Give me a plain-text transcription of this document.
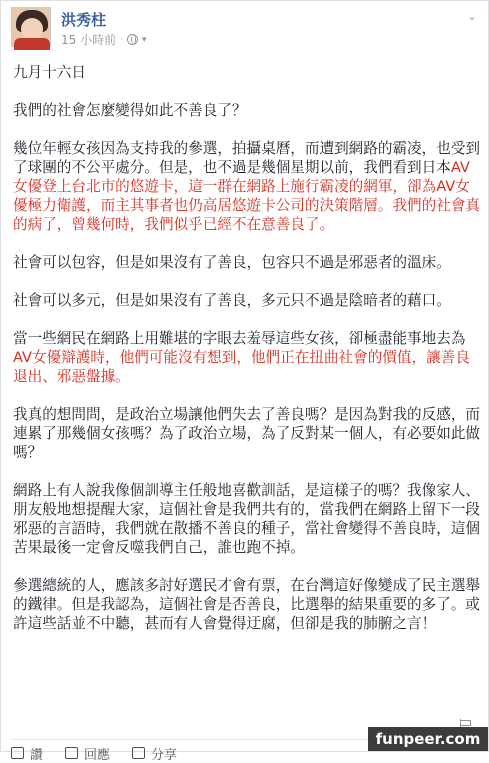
洪秀柱
15 小時前 · ▾
⌄

九月十六日

我們的社會怎麼變得如此不善良了？

幾位年輕女孩因為支持我的參選，拍攝桌曆，而遭到網路的霸凌，也受到了球團的不公平處分。但是，也不過是幾個星期以前，我們看到日本AV女優登上台北市的悠遊卡，這一群在網路上施行霸凌的網軍，卻為AV女優極力衛護，而主其事者也仍高居悠遊卡公司的決策階層。我們的社會真的病了，曾幾何時，我們似乎已經不在意善良了。

社會可以包容，但是如果沒有了善良，包容只不過是邪惡者的溫床。

社會可以多元，但是如果沒有了善良，多元只不過是陰暗者的藉口。

當一些網民在網路上用難堪的字眼去羞辱這些女孩，卻極盡能事地去為AV女優辯護時，他們可能沒有想到，他們正在扭曲社會的價值，讓善良退出、邪惡盤據。

我真的想問問，是政治立場讓他們失去了善良嗎？是因為對我的反感，而連累了那幾個女孩嗎？為了政治立場，為了反對某一個人，有必要如此做嗎？

網路上有人說我像個訓導主任般地喜歡訓話，是這樣子的嗎？我像家人、朋友般地想提醒大家，這個社會是我們共有的，當我們在網路上留下一段邪惡的言語時，我們就在散播不善良的種子，當社會變得不善良時，這個苦果最後一定會反噬我們自己，誰也跑不掉。

參選總統的人，應該多討好選民才會有票，在台灣這好像變成了民主選舉的鐵律。但是我認為，這個社會是否善良，比選舉的結果重要的多了。或許這些話並不中聽，甚而有人會覺得迂腐，但卻是我的肺腑之言！

讚	回應	分享
funpeer.com
